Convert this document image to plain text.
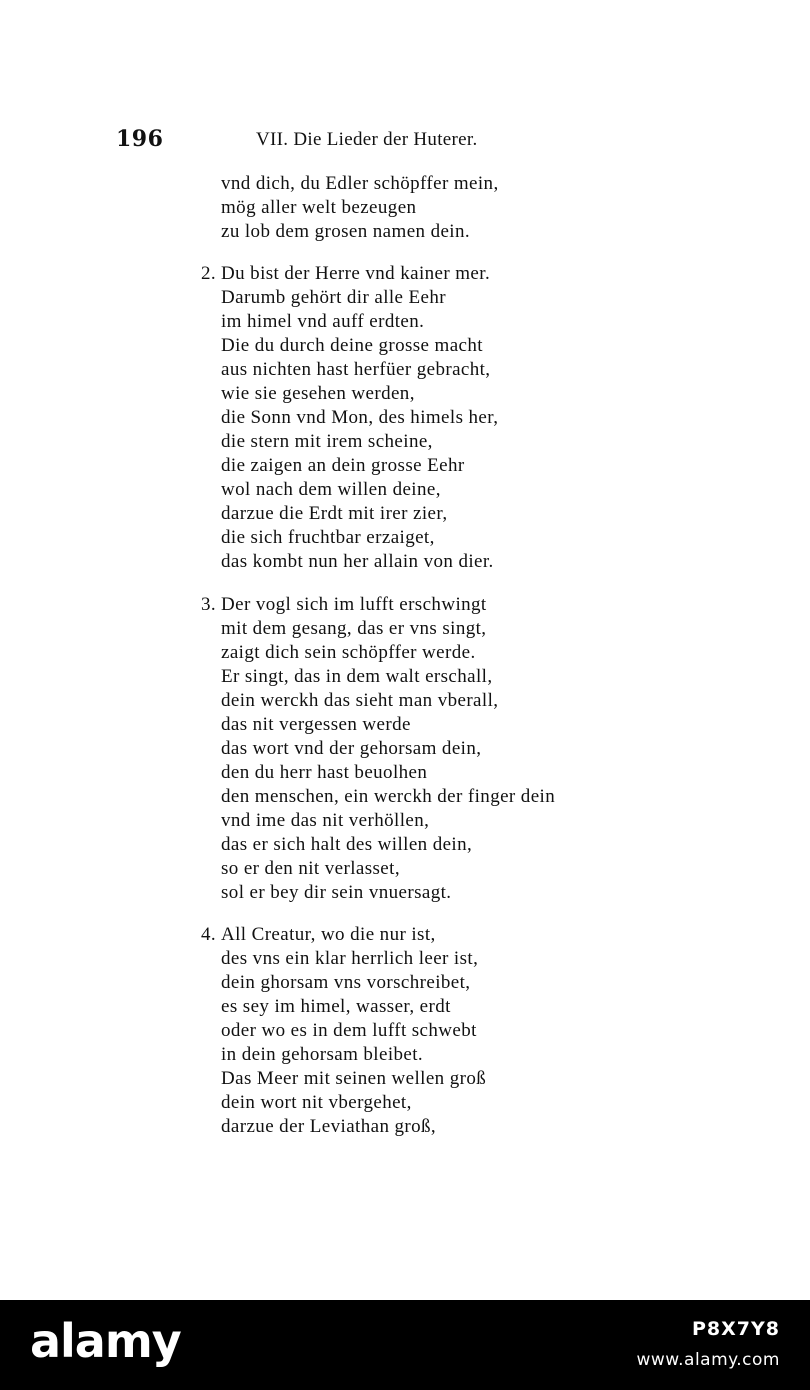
196	VII. Die Lieder der Huterer.
vnd dich, du Edler schöpffer mein,
mög aller welt bezeugen
zu lob dem grosen namen dein.
2. Du bist der Herre vnd kainer mer.
Darumb gehört dir alle Eehr
im himel vnd auff erdten.
Die du durch deine grosse macht
aus nichten hast herfüer gebracht,
wie sie gesehen werden,
die Sonn vnd Mon, des himels her,
die stern mit irem scheine,
die zaigen an dein grosse Eehr
wol nach dem willen deine,
darzue die Erdt mit irer zier,
die sich fruchtbar erzaiget,
das kombt nun her allain von dier.
3. Der vogl sich im lufft erschwingt
mit dem gesang, das er vns singt,
zaigt dich sein schöpffer werde.
Er singt, das in dem walt erschall,
dein werckh das sieht man vberall,
das nit vergessen werde
das wort vnd der gehorsam dein,
den du herr hast beuolhen
den menschen, ein werckh der finger dein
vnd ime das nit verhöllen,
das er sich halt des willen dein,
so er den nit verlasset,
sol er bey dir sein vnuersagt.
4. All Creatur, wo die nur ist,
des vns ein klar herrlich leer ist,
dein ghorsam vns vorschreibet,
es sey im himel, wasser, erdt
oder wo es in dem lufft schwebt
in dein gehorsam bleibet.
Das Meer mit seinen wellen groß
dein wort nit vbergehet,
darzue der Leviathan groß,
alamy	P8X7Y8
www.alamy.com
